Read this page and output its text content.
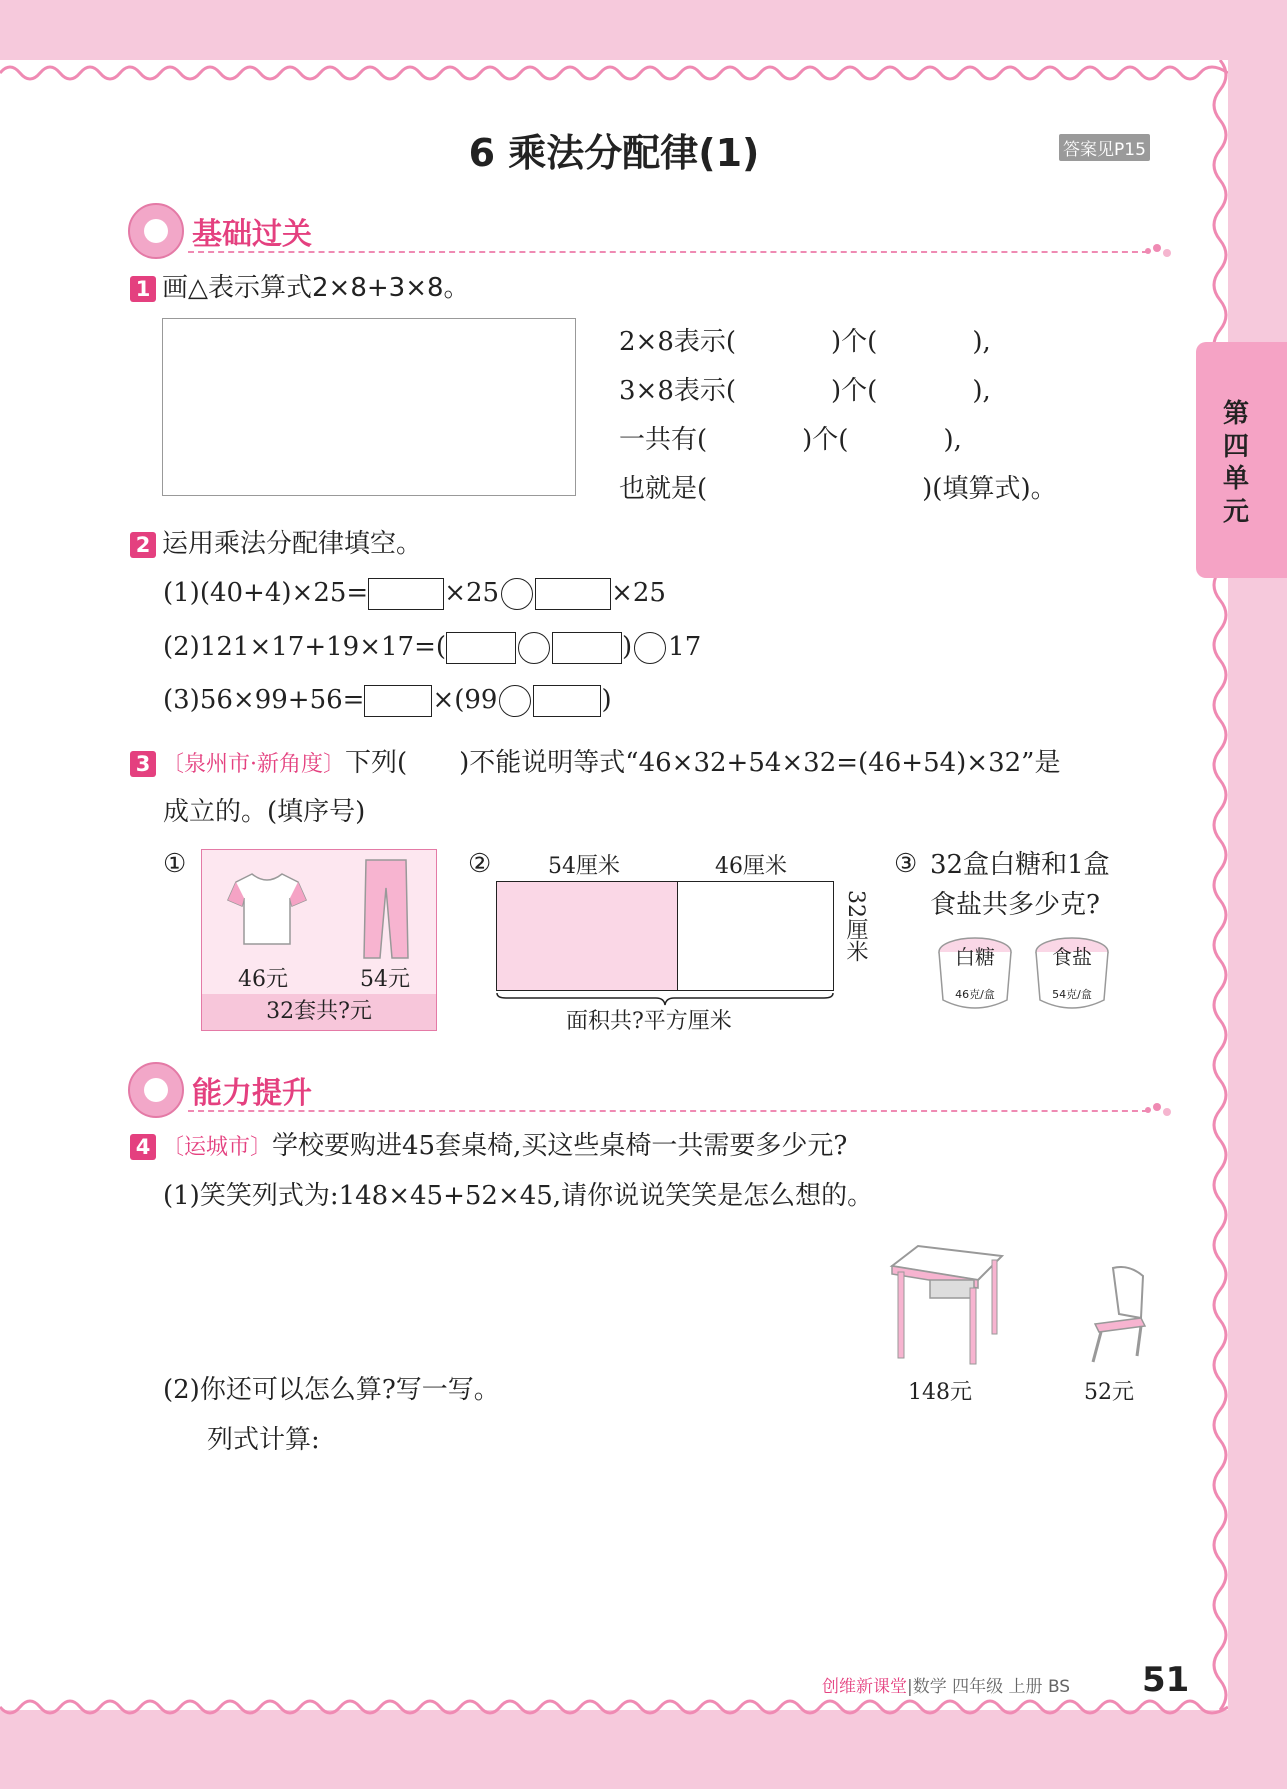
第四单元
6 乘法分配律(1)	答案见P15
基础过关
1 画△表示算式2×8+3×8。
2×8表示(	)个(	),
3×8表示(	)个(	),
一共有(	)个(	),
也就是(	)(填算式)。
2 运用乘法分配律填空。
(1)(40+4)×25=	×25	×25
(2)121×17+19×17=(	) 17
(3)56×99+56=	×(99	)
3 〔泉州市·新角度〕下列(　　)不能说明等式“46×32+54×32=(46+54)×32”是
成立的。(填序号)
①
46元	54元
32套共?元
②	54厘米	46厘米
32厘米
面积共?平方厘米
③ 32盒白糖和1盒
食盐共多少克?
白糖
46克/盒
食盐
54克/盒
能力提升
4 〔运城市〕学校要购进45套桌椅,买这些桌椅一共需要多少元?
(1)笑笑列式为:148×45+52×45,请你说说笑笑是怎么想的。
(2)你还可以怎么算?写一写。
列式计算:
148元	52元
创维新课堂|数学 四年级 上册 BS 51
